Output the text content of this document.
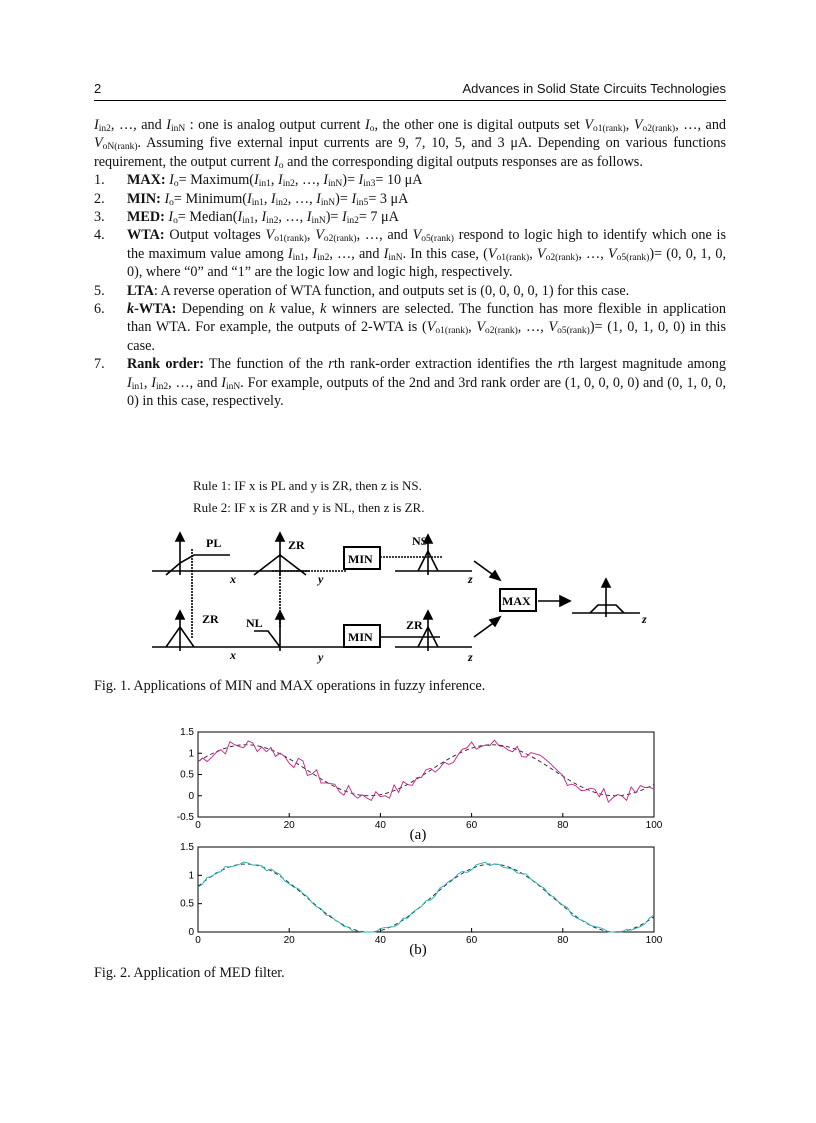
2	Advances in Solid State Circuits Technologies

$I_{in2}$, …, and $I_{inN}$ : one is analog output current $I_o$, the other one is digital outputs set $V_{o1(rank)}$, $V_{o2(rank)}$, …, and $V_{oN(rank)}$. Assuming five external input currents are 9, 7, 10, 5, and 3 μA. Depending on various functions requirement, the output current $I_o$ and the corresponding digital outputs responses are as follows.

1. MAX: $I_o=$ $Maximum(I_{in1}$, $I_{in2}$, …, $I_{inN})= I_{in3}= 10$ μA
2. MIN: $I_o=$ $Minimum(I_{in1}$, $I_{in2}$, …, $I_{inN})= I_{in5}= 3$ μA
3. MED: $I_o=$ $Median(I_{in1}$, $I_{in2}$, …, $I_{inN})= I_{in2}= 7$ μA
4. WTA: Output voltages $V_{o1(rank)}$, $V_{o2(rank)}$, …, and $V_{o5(rank)}$ respond to logic high to identify which one is the maximum value among $I_{in1}$, $I_{in2}$, …, and $I_{inN}$. In this case, ($V_{o1(rank)}$, $V_{o2(rank)}$, …, $V_{o5(rank)})= (0$, 0, 1, 0, 0), where “0” and “1” are the logic low and logic high, respectively.
5. LTA: A reverse operation of WTA function, and outputs set is (0, 0, 0, 0, 1) for this case.
6. k-WTA: Depending on k value, k winners are selected. The function has more flexible in application than WTA. For example, the outputs of 2-WTA is ($V_{o1(rank)}$, $V_{o2(rank)}$, …, $V_{o5(rank)})= (1$, 0, 1, 0, 0) in this case.
7. Rank order: The function of the rth rank-order extraction identifies the rth largest magnitude among $I_{in1}$, $I_{in2}$, …, and $I_{inN}$. For example, outputs of the 2nd and 3rd rank order are (1, 0, 0, 0, 0) and (0, 1, 0, 0, 0) in this case, respectively.
Rule 1: IF x is PL and y is ZR, then z is NS.
Rule 2: IF x is ZR and y is NL, then z is ZR.
PL	ZR	NS
MIN
MAX
ZR NL	ZR
MIN
x	y	z
x	y	z
z
Fig. 1. Applications of MIN and MAX operations in fuzzy inference.
0	20	40	60	80	100
1.5
1
0.5
0
-0.5
(a)
0	20	40	60	80	100
1.5
1
0.5
0
(b)
Fig. 2. Application of MED filter.
